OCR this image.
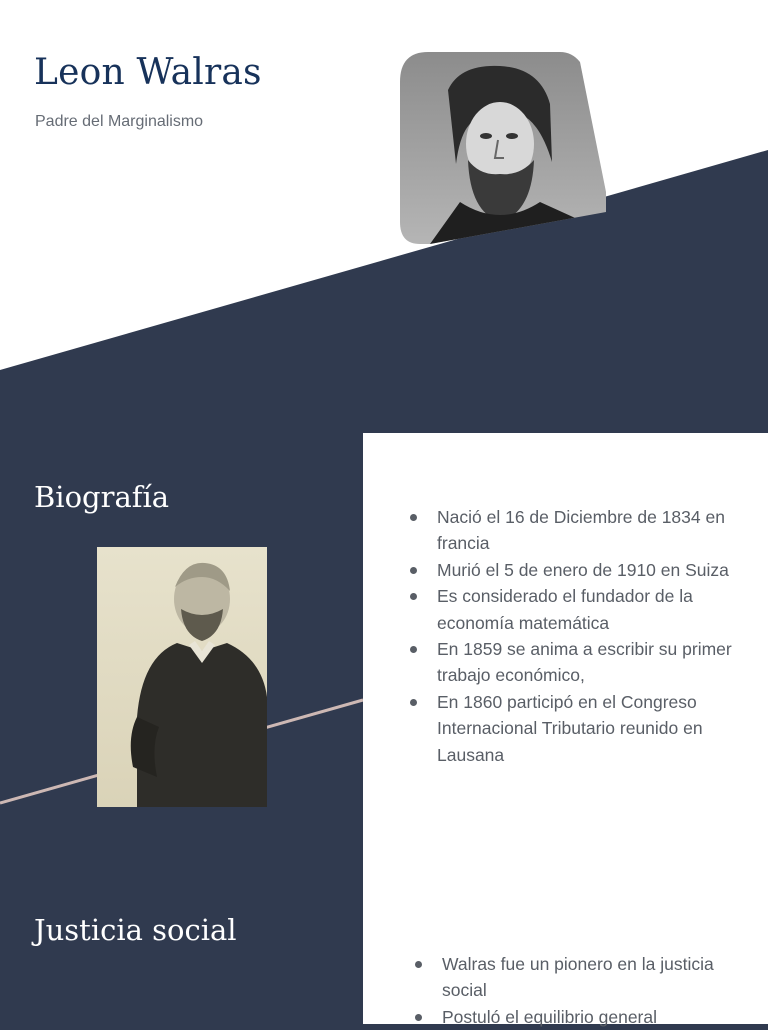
Leon Walras

Padre del Marginalismo

Biografía
Nació el 16 de Diciembre de 1834 en francia
Murió el 5 de enero de 1910 en Suiza
Es considerado el fundador de la economía matemática
En 1859 se anima a escribir su primer trabajo económico,
En 1860 participó en el Congreso Internacional Tributario reunido en Lausana
Justicia social
Walras fue un pionero en la justicia social
Postuló el equilibrio general
